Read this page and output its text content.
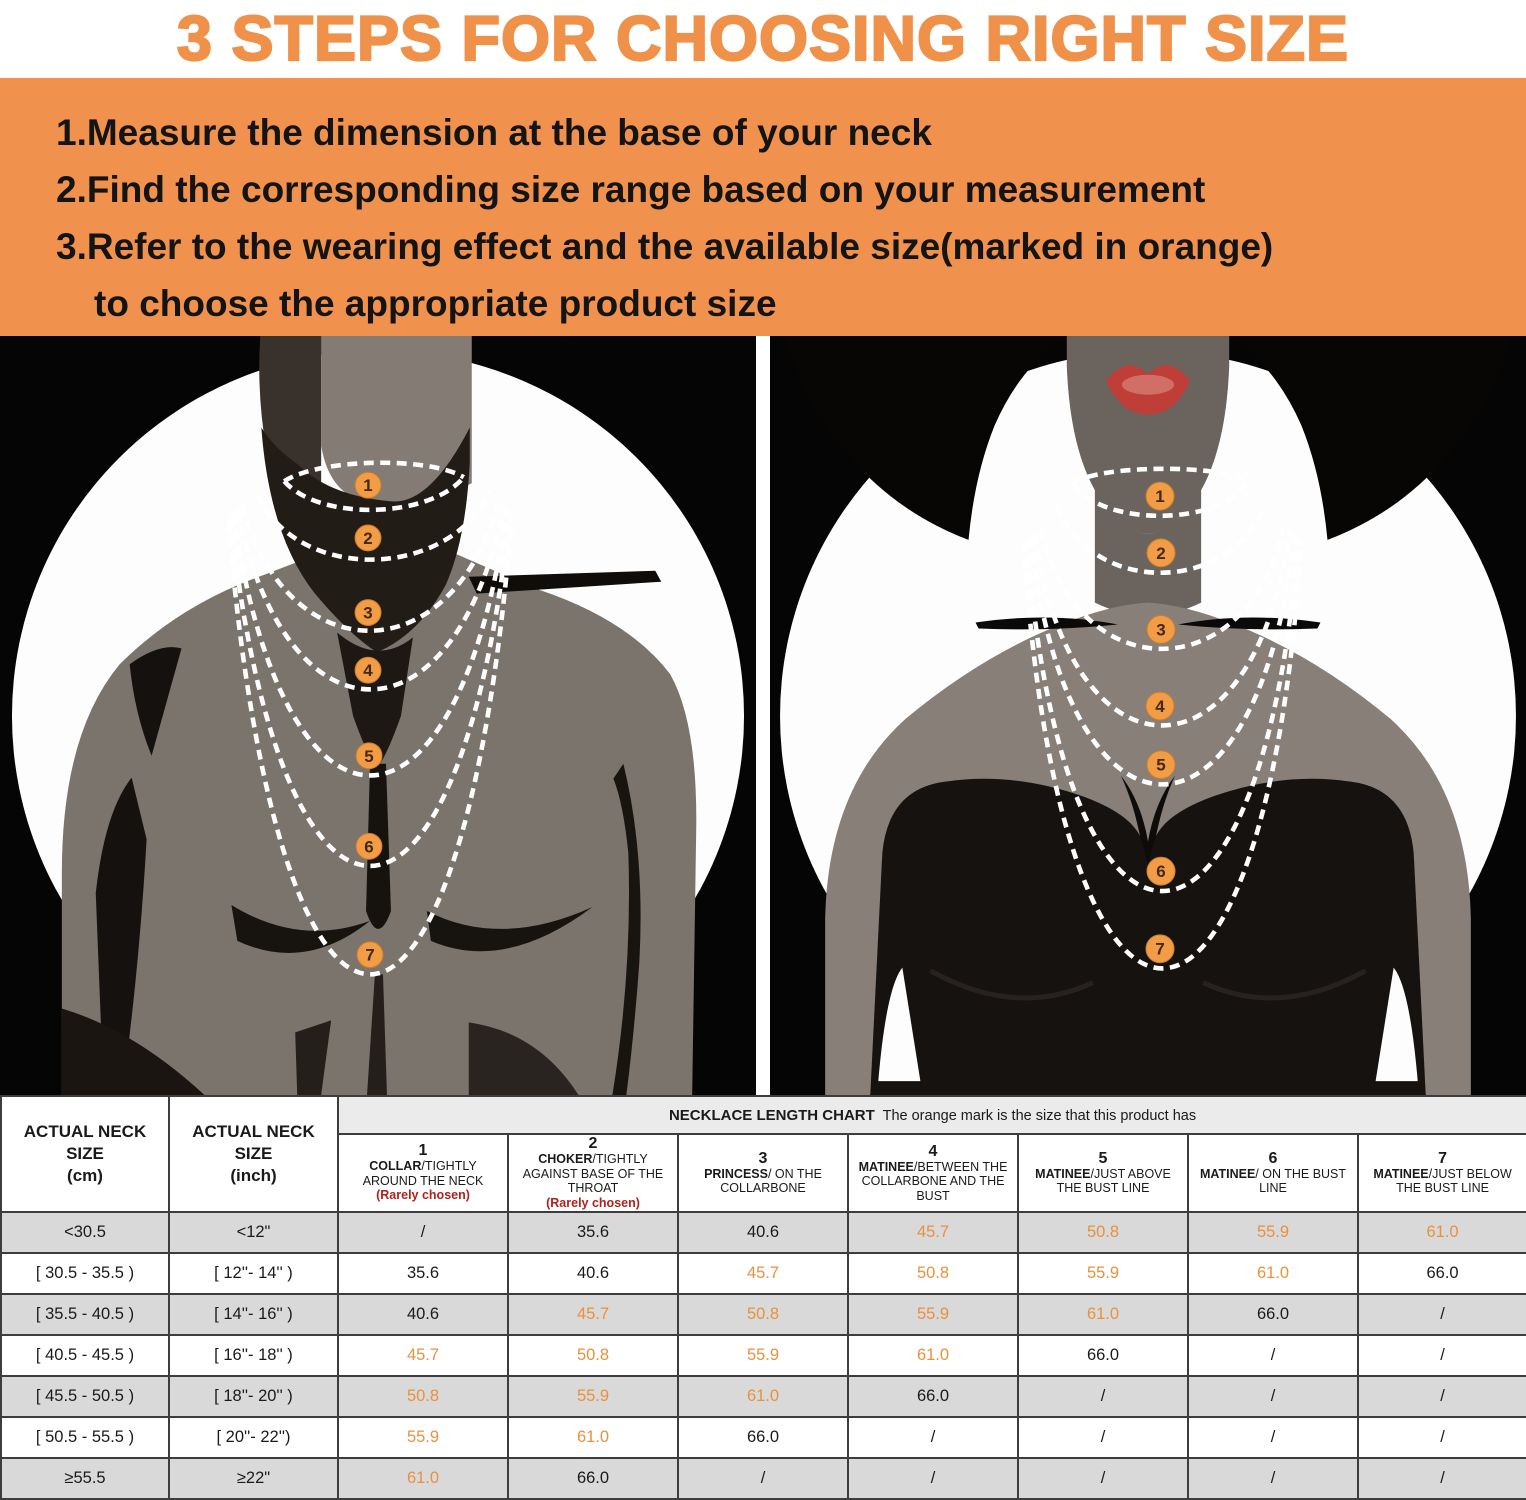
3 STEPS FOR CHOOSING RIGHT SIZE
1.Measure the dimension at the base of your neck
2.Find the corresponding size range based on your measurement
3.Refer to the wearing effect and the available size(marked in orange)
to choose the appropriate product size
1
2
3
4
5
6
7
1
2
3
4
5
6
7
ACTUAL NECK SIZE
(cm)

ACTUAL NECK SIZE
(inch)
	NECKLACE LENGTH CHART The orange mark is the size that this product has

1
COLLAR/TIGHTLY AROUND THE NECK
(Rarely chosen)

2
CHOKER/TIGHTLY AGAINST BASE OF THE THROAT
(Rarely chosen)

3
PRINCESS/ ON THE COLLARBONE

4
MATINEE/BETWEEN THE COLLARBONE AND THE BUST

5
MATINEE/JUST ABOVE THE BUST LINE

6
MATINEE/ ON THE BUST LINE

7
MATINEE/JUST BELOW THE BUST LINE

<30.5	<12"	/	35.6	40.6	45.7	50.8	55.9	61.0
[ 30.5 - 35.5 )	[ 12''- 14'' )	35.6	40.6	45.7	50.8	55.9	61.0	66.0
[ 35.5 - 40.5 )	[ 14''- 16'' )	40.6	45.7	50.8	55.9	61.0	66.0	/
[ 40.5 - 45.5 )	[ 16''- 18'' )	45.7	50.8	55.9	61.0	66.0	/	/
[ 45.5 - 50.5 )	[ 18''- 20'' )	50.8	55.9	61.0	66.0	/	/	/
[ 50.5 - 55.5 )	[ 20''- 22'')	55.9	61.0	66.0	/	/	/	/
≥55.5	≥22"	61.0	66.0	/	/	/	/	/
